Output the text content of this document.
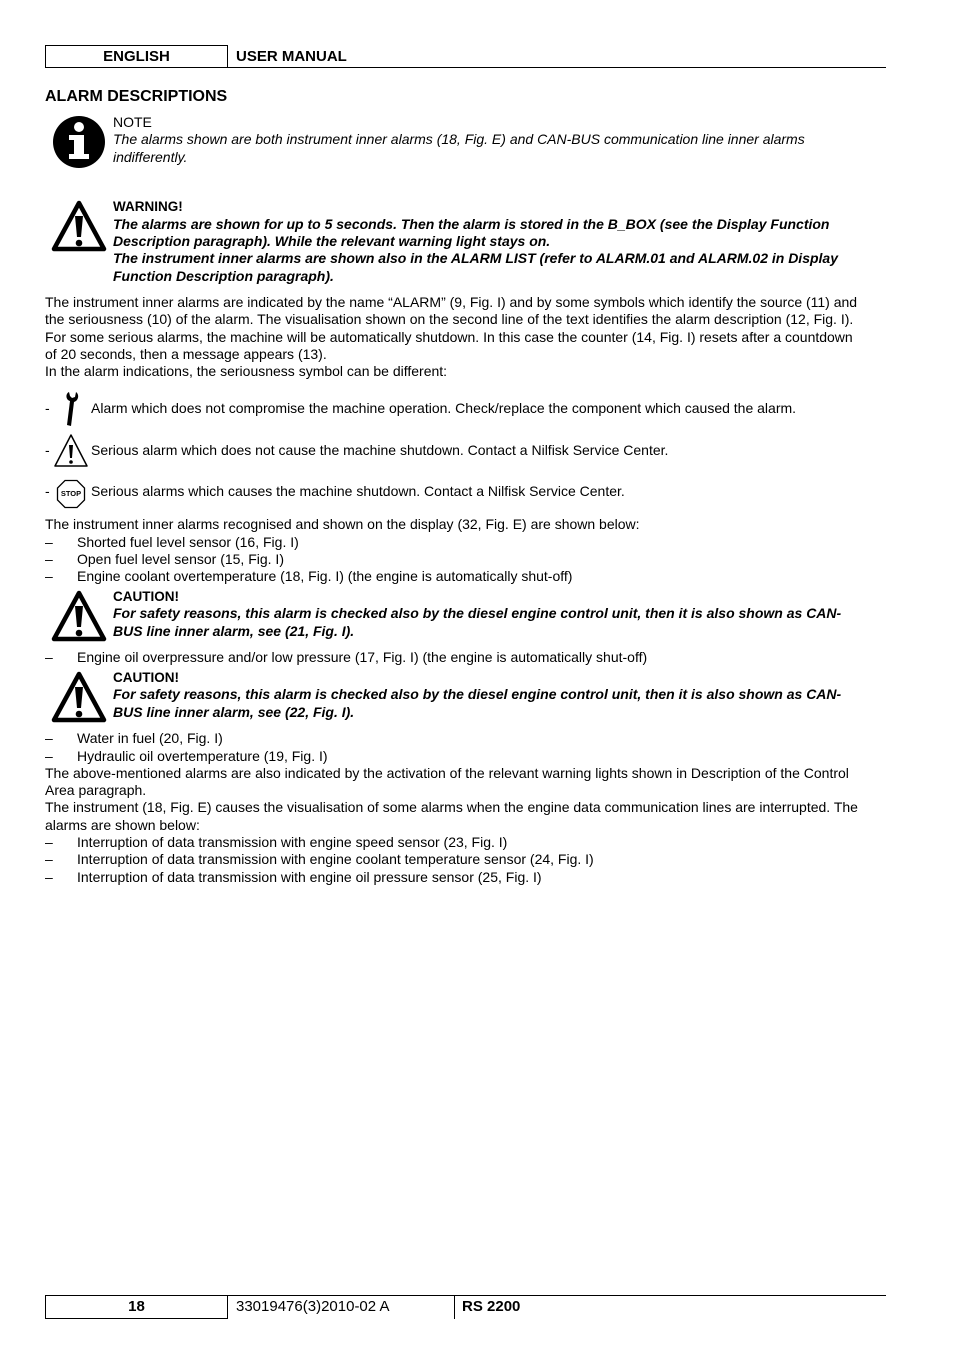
ENGLISH	USER MANUAL
ALARM DESCRIPTIONS
NOTE
The alarms shown are both instrument inner alarms (18, Fig. E) and CAN-BUS communication line inner alarms indifferently.
WARNING!
The alarms are shown for up to 5 seconds. Then the alarm is stored in the B_BOX (see the Display Function
Description paragraph). While the relevant warning light stays on.
The instrument inner alarms are shown also in the ALARM LIST (refer to ALARM.01 and ALARM.02 in Display
Function Description paragraph).
The instrument inner alarms are indicated by the name “ALARM” (9, Fig. I) and by some symbols which identify the source (11) and
the seriousness (10) of the alarm. The visualisation shown on the second line of the text identifies the alarm description (12, Fig. I).
For some serious alarms, the machine will be automatically shutdown. In this case the counter (14, Fig. I) resets after a countdown
of 20 seconds, then a message appears (13).
In the alarm indications, the seriousness symbol can be different:
-	Alarm which does not compromise the machine operation. Check/replace the component which caused the alarm.
-	Serious alarm which does not cause the machine shutdown. Contact a Nilfisk Service Center.
-	STOP Serious alarms which causes the machine shutdown. Contact a Nilfisk Service Center.
The instrument inner alarms recognised and shown on the display (32, Fig. E) are shown below:
– Shorted fuel level sensor (16, Fig. I)
– Open fuel level sensor (15, Fig. I)
– Engine coolant overtemperature (18, Fig. I) (the engine is automatically shut-off)
CAUTION!
For safety reasons, this alarm is checked also by the diesel engine control unit, then it is also shown as CAN-
BUS line inner alarm, see (21, Fig. I).
– Engine oil overpressure and/or low pressure (17, Fig. I) (the engine is automatically shut-off)
CAUTION!
For safety reasons, this alarm is checked also by the diesel engine control unit, then it is also shown as CAN-
BUS line inner alarm, see (22, Fig. I).
– Water in fuel (20, Fig. I)
– Hydraulic oil overtemperature (19, Fig. I)
The above-mentioned alarms are also indicated by the activation of the relevant warning lights shown in Description of the Control
Area paragraph.
The instrument (18, Fig. E) causes the visualisation of some alarms when the engine data communication lines are interrupted. The
alarms are shown below:
– Interruption of data transmission with engine speed sensor (23, Fig. I)
– Interruption of data transmission with engine coolant temperature sensor (24, Fig. I)
– Interruption of data transmission with engine oil pressure sensor (25, Fig. I)
18	33019476(3)2010-02 A	RS 2200
